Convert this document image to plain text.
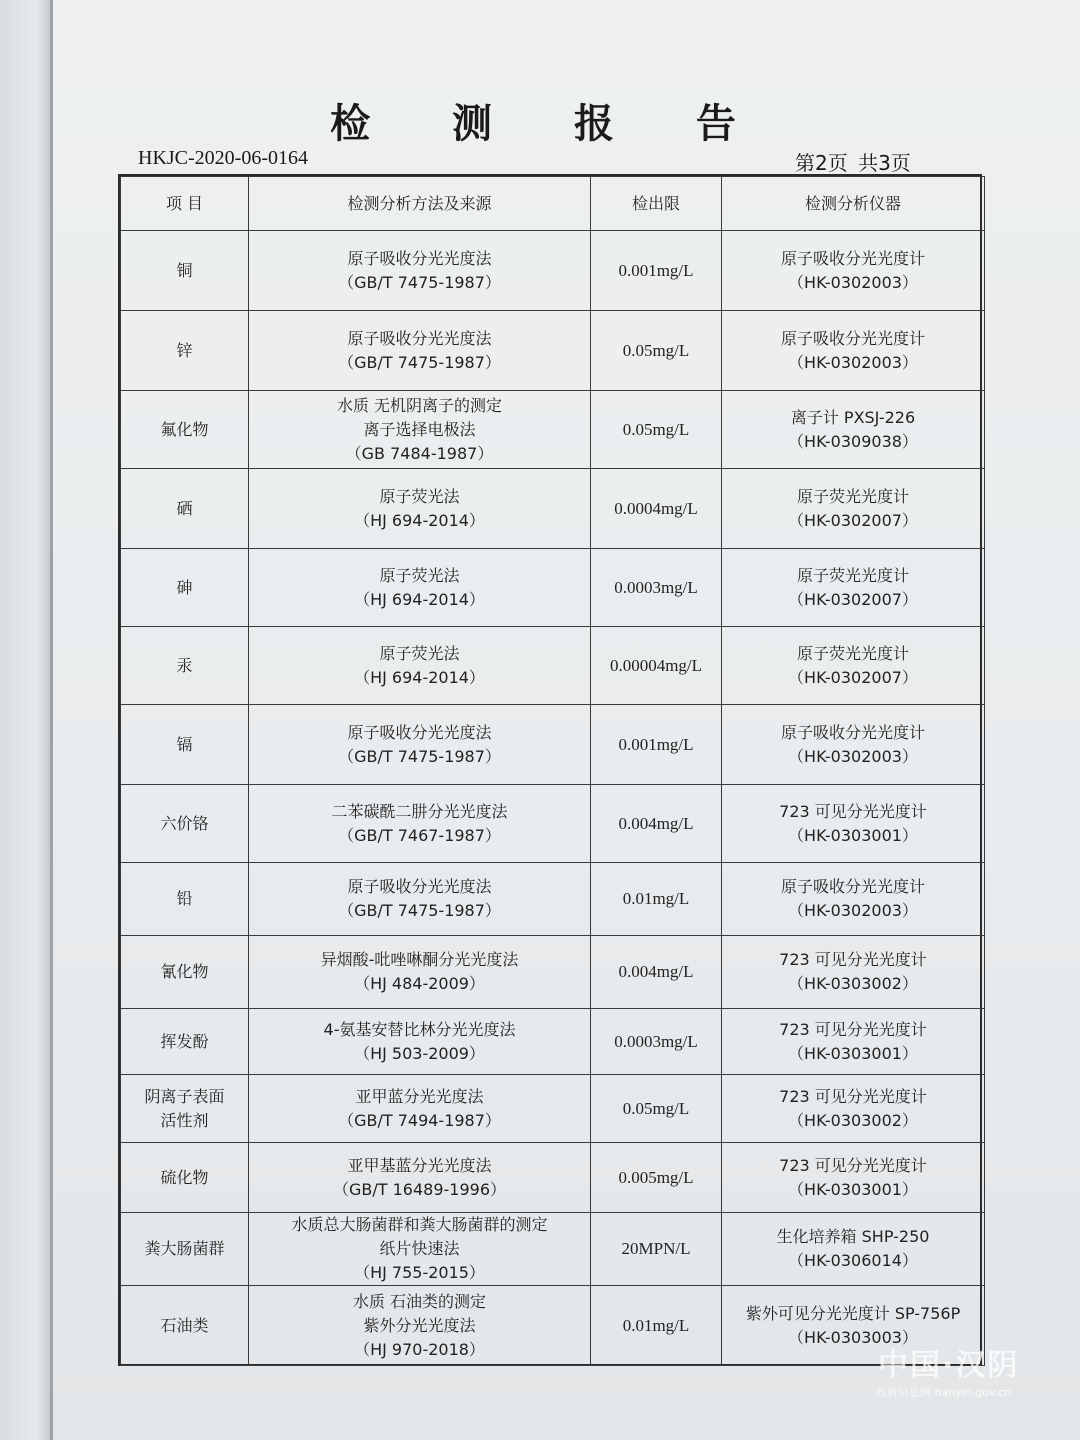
检 测 报 告
HKJC-2020-06-0164	第2页 共3页
项 目	检测分析方法及来源	检出限	检测分析仪器

铜	原子吸收分光光度法
（GB/T 7475-1987）	0.001mg/L	原子吸收分光光度计
（HK-0302003）

锌	原子吸收分光光度法
（GB/T 7475-1987）	0.05mg/L	原子吸收分光光度计
（HK-0302003）

氟化物	水质 无机阴离子的测定
离子选择电极法
（GB 7484-1987）	0.05mg/L	离子计 PXSJ-226
（HK-0309038）

硒	原子荧光法
（HJ 694-2014）	0.0004mg/L	原子荧光光度计
（HK-0302007）

砷	原子荧光法
（HJ 694-2014）	0.0003mg/L	原子荧光光度计
（HK-0302007）

汞	原子荧光法
（HJ 694-2014）	0.00004mg/L	原子荧光光度计
（HK-0302007）

镉	原子吸收分光光度法
（GB/T 7475-1987）	0.001mg/L	原子吸收分光光度计
（HK-0302003）

六价铬	二苯碳酰二肼分光光度法
（GB/T 7467-1987）	0.004mg/L	723 可见分光光度计
（HK-0303001）

铅	原子吸收分光光度法
（GB/T 7475-1987）	0.01mg/L	原子吸收分光光度计
（HK-0302003）

氰化物	异烟酸-吡唑啉酮分光光度法
（HJ 484-2009）	0.004mg/L	723 可见分光光度计
（HK-0303002）

挥发酚	4-氨基安替比林分光光度法
（HJ 503-2009）	0.0003mg/L	723 可见分光光度计
（HK-0303001）

阴离子表面
活性剂	亚甲蓝分光光度法
（GB/T 7494-1987）	0.05mg/L	723 可见分光光度计
（HK-0303002）

硫化物	亚甲基蓝分光光度法
（GB/T 16489-1996）	0.005mg/L	723 可见分光光度计
（HK-0303001）

粪大肠菌群	水质总大肠菌群和粪大肠菌群的测定
纸片快速法
（HJ 755-2015）	20MPN/L	生化培养箱 SHP-250
（HK-0306014）

石油类	水质 石油类的测定
紫外分光光度法
（HJ 970-2018）	0.01mg/L	紫外可见分光光度计 SP-756P
（HK-0303003）
中国·汉阴
政府信息网 hanyin.gov.cn
